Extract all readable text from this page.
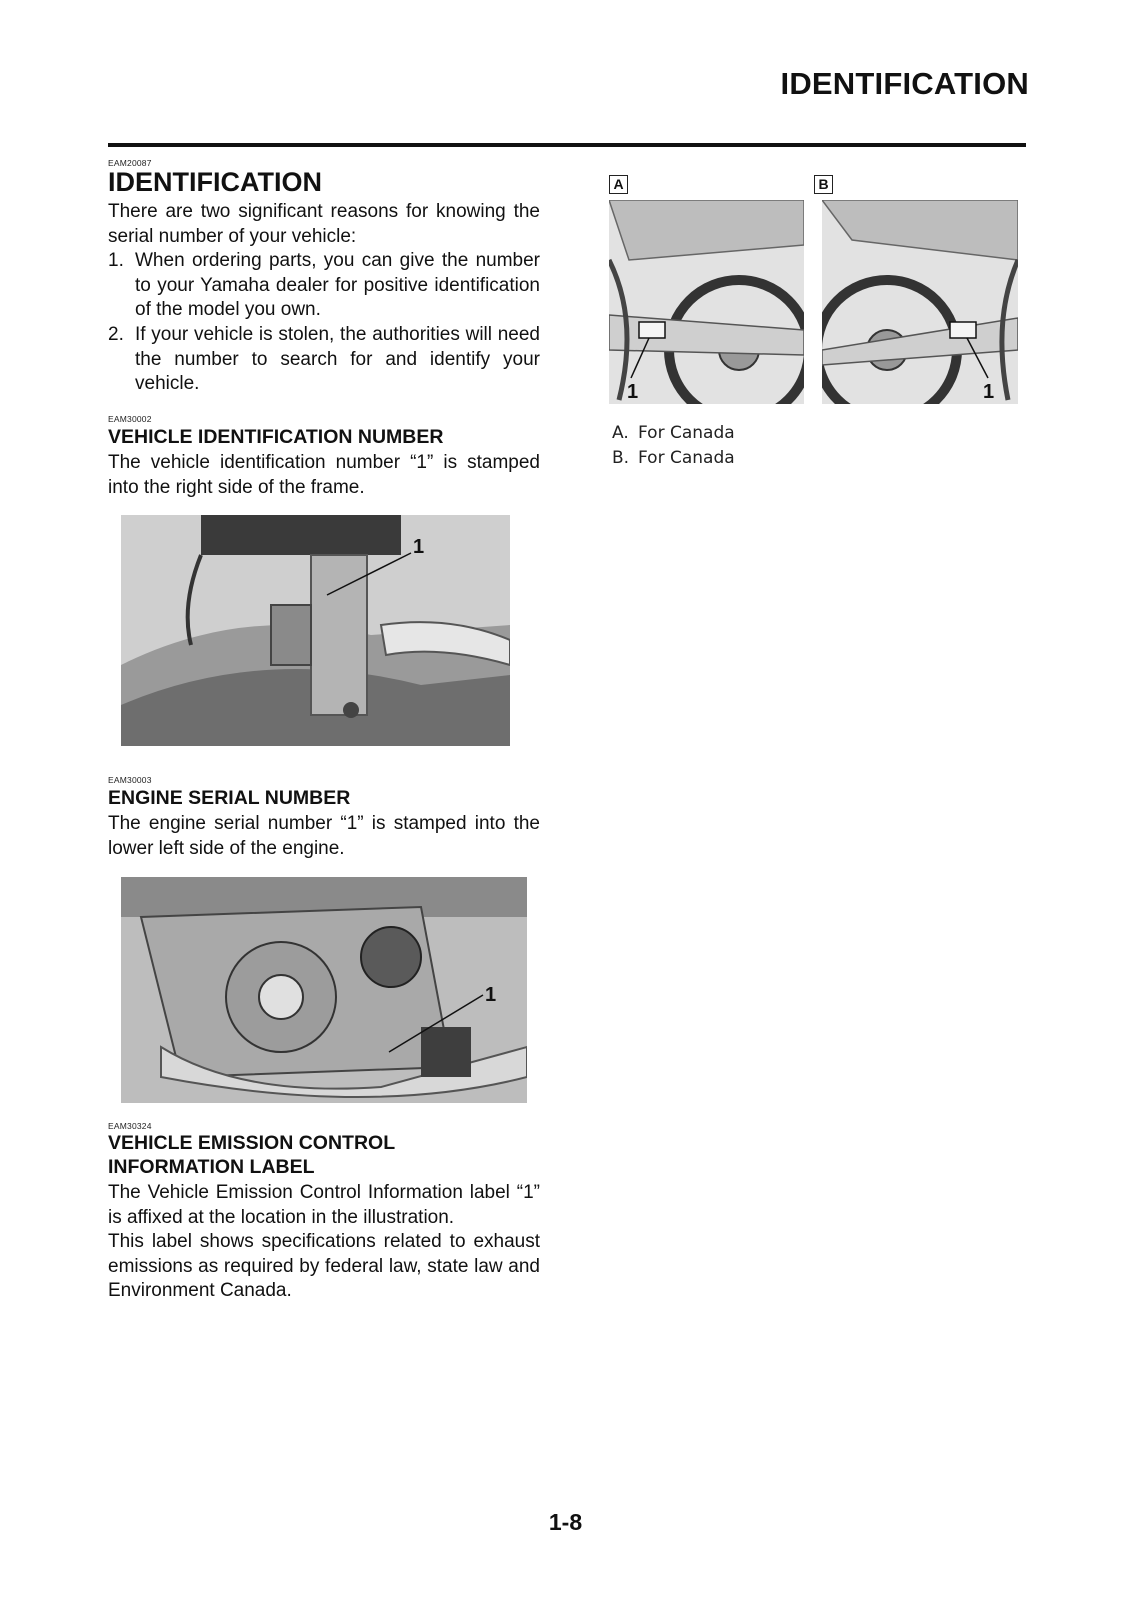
IDENTIFICATION
EAM20087
IDENTIFICATION

There are two significant reasons for knowing the serial number of your vehicle:

1. When ordering parts, you can give the number to your Yamaha dealer for positive identification of the model you own.
2. If your vehicle is stolen, the authorities will need the number to search for and identify your vehicle.
EAM30002
VEHICLE IDENTIFICATION NUMBER
The vehicle identification number “1” is stamped into the right side of the frame.
1
EAM30003
ENGINE SERIAL NUMBER
The engine serial number “1” is stamped into the lower left side of the engine.
1
EAM30324
VEHICLE EMISSION CONTROL
INFORMATION LABEL

The Vehicle Emission Control Information label “1” is affixed at the location in the illustration.

This label shows specifications related to exhaust emissions as required by federal law, state law and Environment Canada.

A	B
1	1
A. For Canada
B. For Canada
1-8
